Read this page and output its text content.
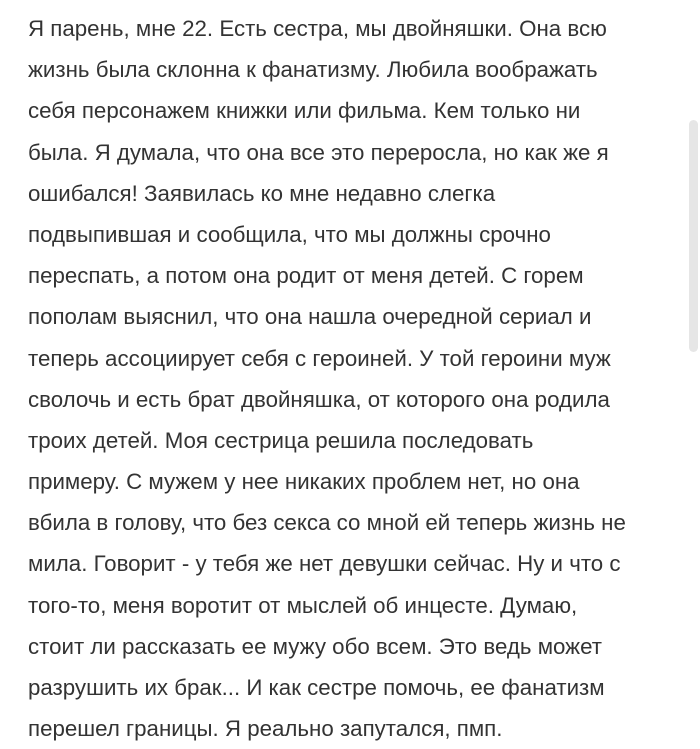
Я парень, мне 22. Есть сестра, мы двойняшки. Она всю
жизнь была склонна к фанатизму. Любила воображать
себя персонажем книжки или фильма. Кем только ни
была. Я думала, что она все это переросла, но как же я
ошибался! Заявилась ко мне недавно слегка
подвыпившая и сообщила, что мы должны срочно
переспать, а потом она родит от меня детей. С горем
пополам выяснил, что она нашла очередной сериал и
теперь ассоциирует себя с героиней. У той героини муж
сволочь и есть брат двойняшка, от которого она родила
троих детей. Моя сестрица решила последовать
примеру. С мужем у нее никаких проблем нет, но она
вбила в голову, что без секса со мной ей теперь жизнь не
мила. Говорит - у тебя же нет девушки сейчас. Ну и что с
того-то, меня воротит от мыслей об инцесте. Думаю,
стоит ли рассказать ее мужу обо всем. Это ведь может
разрушить их брак... И как сестре помочь, ее фанатизм
перешел границы. Я реально запутался, пмп.
